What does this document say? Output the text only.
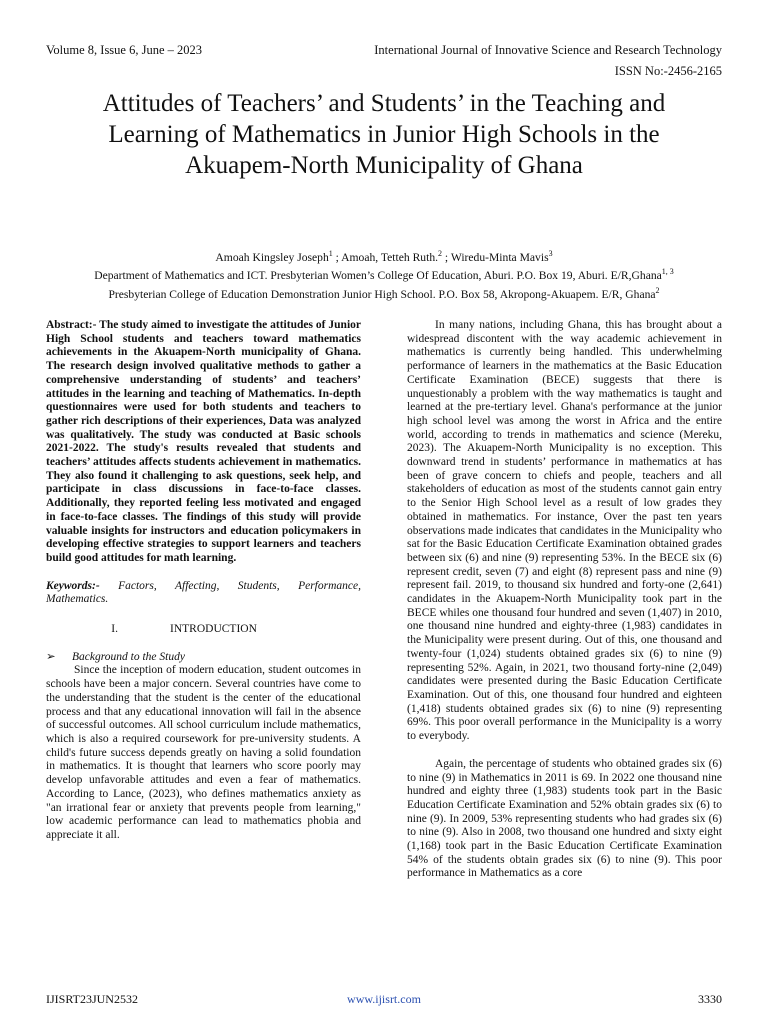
Volume 8, Issue 6, June – 2023	International Journal of Innovative Science and Research Technology
ISSN No:-2456-2165
Attitudes of Teachers’ and Students’ in the Teaching and Learning of Mathematics in Junior High Schools in the Akuapem-North Municipality of Ghana
Amoah Kingsley Joseph$^1$ ; Amoah, Tetteh Ruth.$^2$ ; Wiredu-Minta Mavis$^3$
Department of Mathematics and ICT. Presbyterian Women’s College Of Education, Aburi. P.O. Box 19, Aburi. E/R,Ghana$^{1, 3}$
Presbyterian College of Education Demonstration Junior High School. P.O. Box 58, Akropong-Akuapem. E/R, Ghana$^2$

Abstract:- The study aimed to investigate the attitudes of Junior High School students and teachers toward mathematics achievements in the Akuapem-North municipality of Ghana. The research design involved qualitative methods to gather a comprehensive understanding of students’ and teachers’ attitudes in the learning and teaching of Mathematics. In-depth questionnaires were used for both students and teachers to gather rich descriptions of their experiences, Data was analyzed was qualitatively. The study was conducted at Basic schools 2021-2022. The study's results revealed that students and teachers’ attitudes affects students achievement in mathematics. They also found it challenging to ask questions, seek help, and participate in class discussions in face-to-face classes. Additionally, they reported feeling less motivated and engaged in face-to-face classes. The findings of this study will provide valuable insights for instructors and education policymakers in developing effective strategies to support learners and teachers build good attitudes for math learning.

Keywords:- Factors, Affecting, Students, Performance, Mathematics.

I.	INTRODUCTION
➢	Background to the Study

Since the inception of modern education, student outcomes in schools have been a major concern. Several countries have come to the understanding that the student is the center of the educational process and that any educational innovation will fail in the absence of successful outcomes. All school curriculum include mathematics, which is also a required coursework for pre-university students. A child's future success depends greatly on having a solid foundation in mathematics. It is thought that learners who score poorly may develop unfavorable attitudes and even a fear of mathematics. According to Lance, (2023), who defines mathematics anxiety as "an irrational fear or anxiety that prevents people from learning," low academic performance can lead to mathematics phobia and appreciate it all.

In many nations, including Ghana, this has brought about a widespread discontent with the way academic achievement in mathematics is currently being handled. This underwhelming performance of learners in the mathematics at the Basic Education Certificate Examination (BECE) suggests that there is unquestionably a problem with the way mathematics is taught and learned at the pre-tertiary level. Ghana's performance at the junior high school level was among the worst in Africa and the entire world, according to trends in mathematics and science (Mereku, 2023). The Akuapem-North Municipality is no exception. This downward trend in students’ performance in mathematics at has been of grave concern to chiefs and people, teachers and all stakeholders of education as most of the students cannot gain entry to the Senior High School level as a result of low grades they obtained in mathematics. For instance, Over the past ten years observations made indicates that candidates in the Municipality who sat for the Basic Education Certificate Examination obtained grades between six (6) and nine (9) representing 53%. In the BECE six (6) represent credit, seven (7) and eight (8) represent pass and nine (9) represent fail. 2019, to thousand six hundred and forty-one (2,641) candidates in the Akuapem-North Municipality took part in the BECE whiles one thousand four hundred and seven (1,407) in 2010, one thousand nine hundred and eighty-three (1,983) candidates in the Municipality were present during. Out of this, one thousand and twenty-four (1,024) students obtained grades six (6) to nine (9) representing 52%. Again, in 2021, two thousand forty-nine (2,049) candidates were presented during the Basic Education Certificate Examination. Out of this, one thousand four hundred and eighteen (1,418) students obtained grades six (6) to nine (9) representing 69%. This poor overall performance in the Municipality is a worry to everybody.

Again, the percentage of students who obtained grades six (6) to nine (9) in Mathematics in 2011 is 69. In 2022 one thousand nine hundred and eighty three (1,983) students took part in the Basic Education Certificate Examination and 52% obtain grades six (6) to nine (9). In 2009, 53% representing students who had grades six (6) to nine (9). Also in 2008, two thousand one hundred and sixty eight (1,168) took part in the Basic Education Certificate Examination 54% of the students obtain grades six (6) to nine (9). This poor performance in Mathematics as a core

IJISRT23JUN2532	www.ijisrt.com	3330
